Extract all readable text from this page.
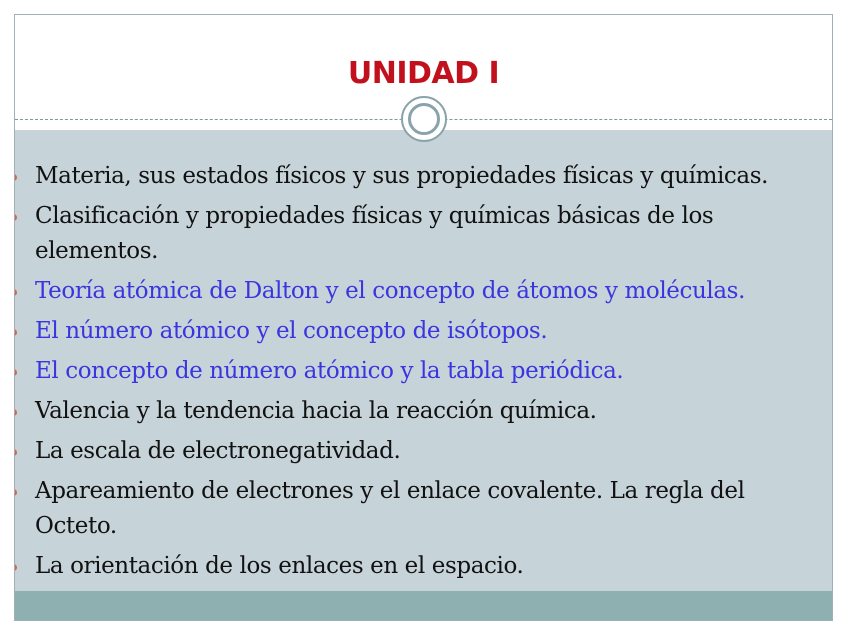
UNIDAD I
Materia, sus estados físicos y sus propiedades físicas y químicas.
Clasificación y propiedades físicas y químicas básicas de los elementos.
Teoría atómica de Dalton y el concepto de átomos y moléculas.
El número atómico y el concepto de isótopos.
El concepto de número atómico y la tabla periódica.
Valencia y la tendencia hacia la reacción química.
La escala de electronegatividad.
Apareamiento de electrones y el enlace covalente. La regla del Octeto.
La orientación de los enlaces en el espacio.
